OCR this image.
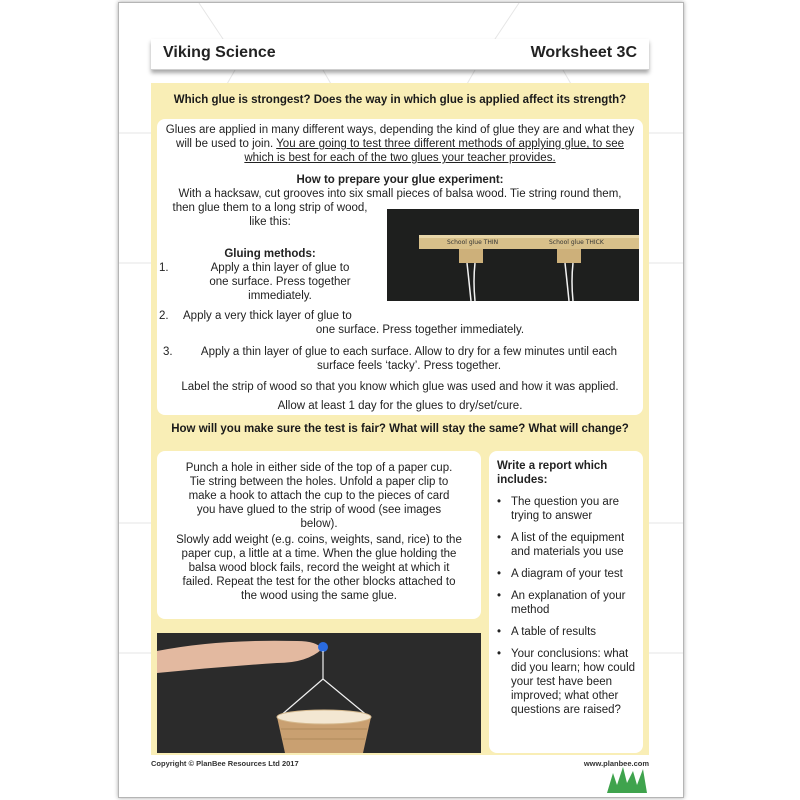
Viking Science	Worksheet 3C
Which glue is strongest? Does the way in which glue is applied affect its strength?
Glues are applied in many different ways, depending the kind of glue they are and what they will be used to join. You are going to test three different methods of applying glue, to see which is best for each of the two glues your teacher provides.
How to prepare your glue experiment:
With a hacksaw, cut grooves into six small pieces of balsa wood. Tie string round them,
then glue them to a long strip of wood,
like this:
School glue THIN	School glue THICK
Gluing methods:
1.	Apply a thin layer of glue to
one surface. Press together
immediately.
2.	Apply a very thick layer of glue to
one surface. Press together immediately.
3.	Apply a thin layer of glue to each surface. Allow to dry for a few minutes until each
surface feels ‘tacky’. Press together.
Label the strip of wood so that you know which glue was used and how it was applied.
Allow at least 1 day for the glues to dry/set/cure.
How will you make sure the test is fair? What will stay the same? What will change?
Punch a hole in either side of the top of a paper cup.
Tie string between the holes. Unfold a paper clip to
make a hook to attach the cup to the pieces of card
you have glued to the strip of wood (see images
below).
Slowly add weight (e.g. coins, weights, sand, rice) to the
paper cup, a little at a time. When the glue holding the
balsa wood block fails, record the weight at which it
failed. Repeat the test for the other blocks attached to
the wood using the same glue.
Write a report which includes:
• The question you are trying to answer
• A list of the equipment and materials you use
• A diagram of your test
• An explanation of your method
• A table of results
• Your conclusions: what did you learn; how could your test have been improved; what other questions are raised?
Copyright © PlanBee Resources Ltd 2017	www.planbee.com
